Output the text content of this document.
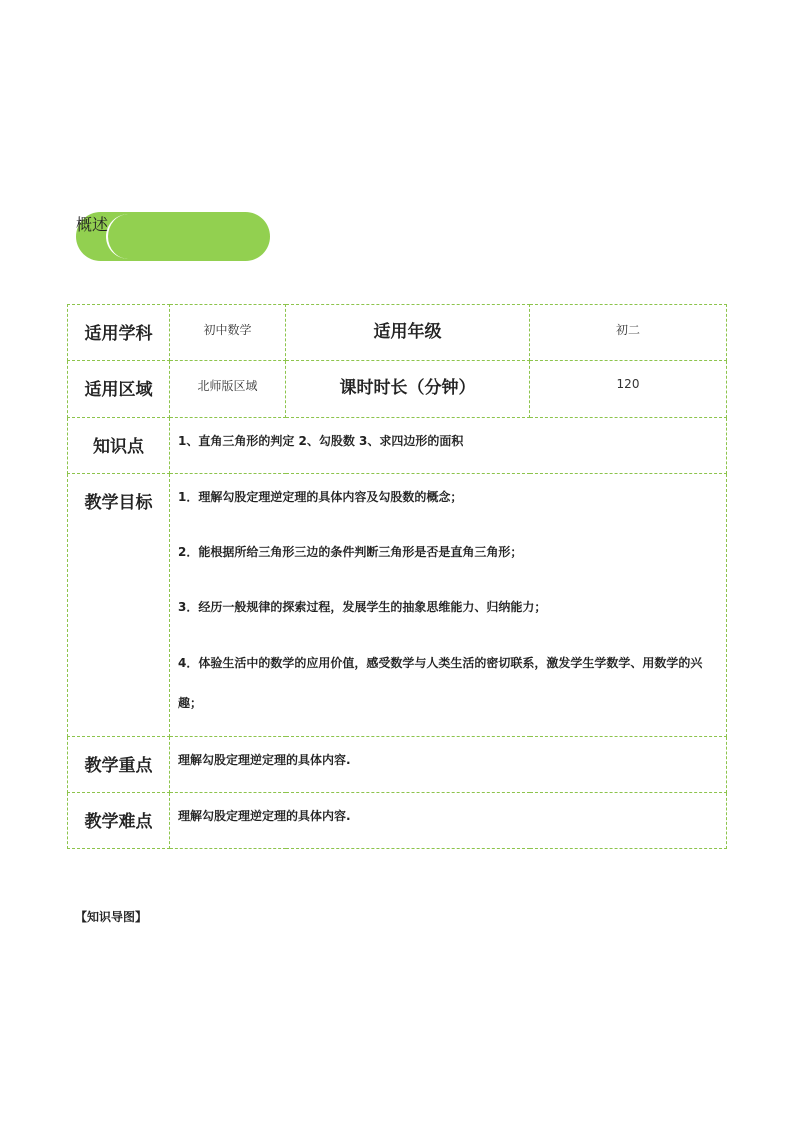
概述
适用学科	初中数学	适用年级	初二
适用区域	北师版区域	课时时长（分钟）	120
知识点	1、直角三角形的判定 2、勾股数 3、求四边形的面积		
教学目标	1．理解勾股定理逆定理的具体内容及勾股数的概念；

2．能根据所给三角形三边的条件判断三角形是否是直角三角形；

3．经历一般规律的探索过程，发展学生的抽象思维能力、归纳能力；

4．体验生活中的数学的应用价值，感受数学与人类生活的密切联系，激发学生学数学、用数学的兴趣；		

教学重点	理解勾股定理逆定理的具体内容.		
教学难点	理解勾股定理逆定理的具体内容.		
【知识导图】
